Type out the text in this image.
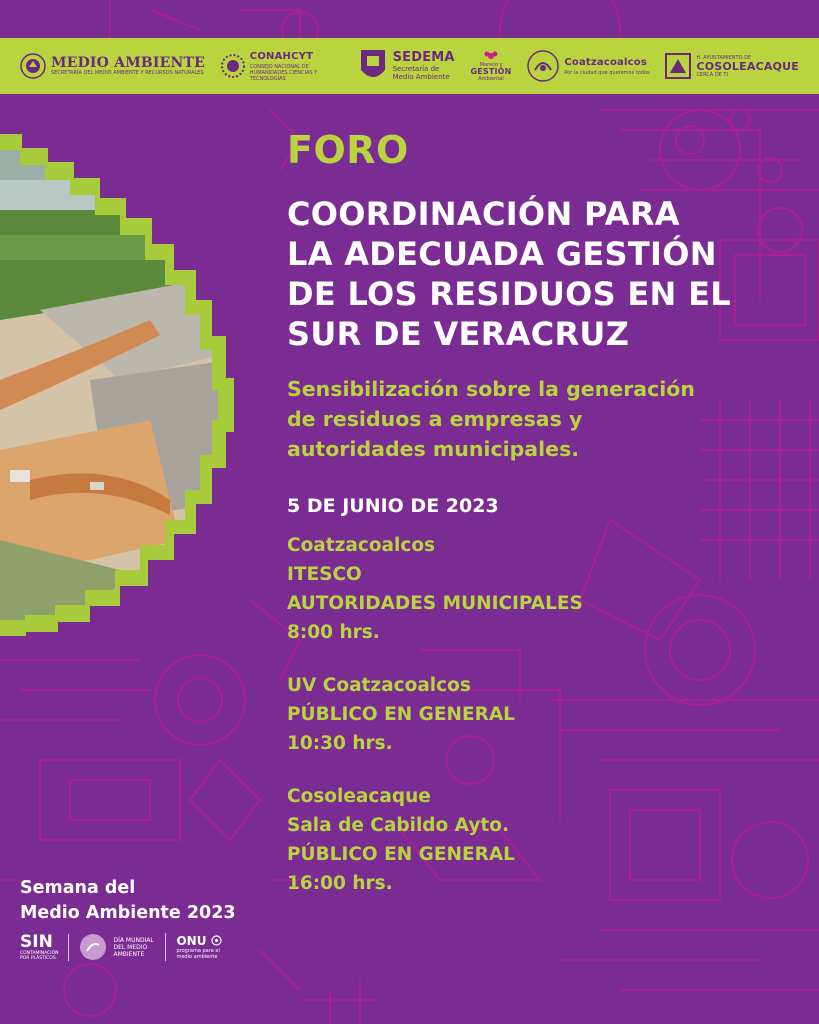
MEDIO AMBIENTE
SECRETARÍA DEL MEDIO AMBIENTE Y RECURSOS NATURALES
CONAHCYT
CONSEJO NACIONAL DE HUMANIDADES CIENCIAS Y TECNOLOGÍAS
SEDEMA
Secretaría de
Medio Ambiente
Manejo y
GESTIÓN
Ambiental
Coatzacoalcos
Por la ciudad que queremos todos
H. AYUNTAMIENTO DE
COSOLEACAQUE
CERCA DE TI
FORO
COORDINACIÓN PARA
LA ADECUADA GESTIÓN
DE LOS RESIDUOS EN EL
SUR DE VERACRUZ
Sensibilización sobre la generación
de residuos a empresas y
autoridades municipales.
5 DE JUNIO DE 2023
Coatzacoalcos
ITESCO
AUTORIDADES MUNICIPALES
8:00 hrs.
UV Coatzacoalcos
PÚBLICO EN GENERAL
10:30 hrs.
Cosoleacaque
Sala de Cabildo Ayto.
PÚBLICO EN GENERAL
16:00 hrs.
Semana del
Medio Ambiente 2023
SIN
CONTAMINACIÓN
POR PLÁSTICOS
DÍA MUNDIAL DEL MEDIO AMBIENTE
ONU
programa para el medio ambiente
